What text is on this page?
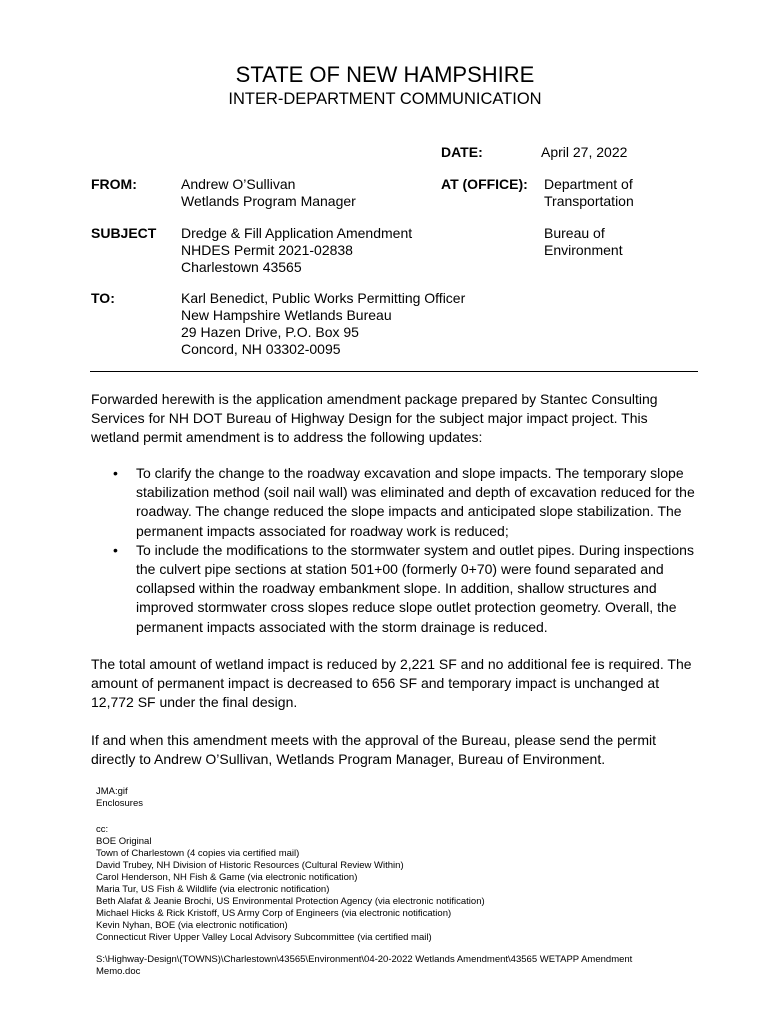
STATE OF NEW HAMPSHIRE
INTER-DEPARTMENT COMMUNICATION
DATE:	April 27, 2022
FROM:	Andrew O’Sullivan
Wetlands Program Manager
AT (OFFICE): Department of
Transportation
Bureau of
Environment
SUBJECT Dredge & Fill Application Amendment
NHDES Permit 2021-02838
Charlestown 43565
TO:	Karl Benedict, Public Works Permitting Officer
New Hampshire Wetlands Bureau
29 Hazen Drive, P.O. Box 95
Concord, NH 03302-0095
Forwarded herewith is the application amendment package prepared by Stantec Consulting Services for NH DOT Bureau of Highway Design for the subject major impact project. This wetland permit amendment is to address the following updates:
• To clarify the change to the roadway excavation and slope impacts. The temporary slope stabilization method (soil nail wall) was eliminated and depth of excavation reduced for the roadway. The change reduced the slope impacts and anticipated slope stabilization. The permanent impacts associated for roadway work is reduced;
• To include the modifications to the stormwater system and outlet pipes. During inspections the culvert pipe sections at station 501+00 (formerly 0+70) were found separated and collapsed within the roadway embankment slope. In addition, shallow structures and improved stormwater cross slopes reduce slope outlet protection geometry. Overall, the permanent impacts associated with the storm drainage is reduced.
The total amount of wetland impact is reduced by 2,221 SF and no additional fee is required. The amount of permanent impact is decreased to 656 SF and temporary impact is unchanged at 12,772 SF under the final design.
If and when this amendment meets with the approval of the Bureau, please send the permit directly to Andrew O’Sullivan, Wetlands Program Manager, Bureau of Environment.
JMA:gif
Enclosures
cc:
BOE Original
Town of Charlestown (4 copies via certified mail)
David Trubey, NH Division of Historic Resources (Cultural Review Within)
Carol Henderson, NH Fish & Game (via electronic notification)
Maria Tur, US Fish & Wildlife (via electronic notification)
Beth Alafat & Jeanie Brochi, US Environmental Protection Agency (via electronic notification)
Michael Hicks & Rick Kristoff, US Army Corp of Engineers (via electronic notification)
Kevin Nyhan, BOE (via electronic notification)
Connecticut River Upper Valley Local Advisory Subcommittee (via certified mail)
S:\Highway-Design\(TOWNS)\Charlestown\43565\Environment\04-20-2022 Wetlands Amendment\43565 WETAPP Amendment
Memo.doc
